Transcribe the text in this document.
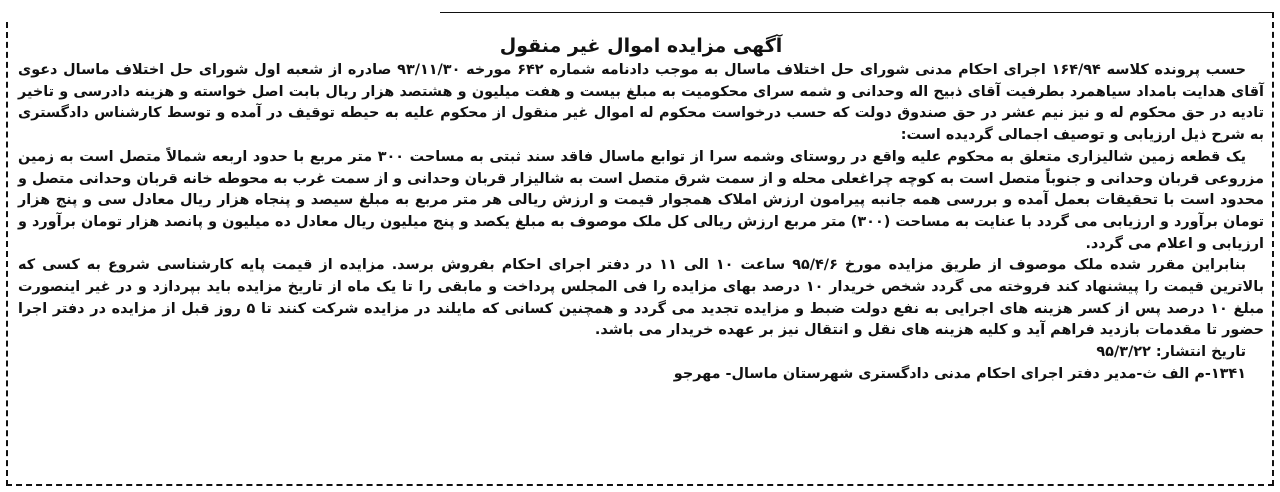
آگهی مزایده اموال غیر منقول

حسب پرونده کلاسه ۱۶۴/۹۴ اجرای احکام مدنی شورای حل اختلاف ماسال به موجب دادنامه شماره ۶۴۲ مورخه ۹۳/۱۱/۳۰ صادره از شعبه اول شورای حل اختلاف ماسال دعوی آقای هدایت بامداد سیاهمرد بطرفیت آقای ذبیح اله وحدانی و شمه سرای محکومیت به مبلغ بیست و هفت میلیون و هشتصد هزار ریال بابت اصل خواسته و هزینه دادرسی و تاخیر تادیه در حق محکوم له و نیز نیم عشر در حق صندوق دولت که حسب درخواست محکوم له اموال غیر منقول از محکوم علیه به حیطه توقیف در آمده و توسط کارشناس دادگستری به شرح ذیل ارزیابی و توصیف اجمالی گردیده است:

یک قطعه زمین شالیزاری متعلق به محکوم علیه واقع در روستای وشمه سرا از توابع ماسال فاقد سند ثبتی به مساحت ۳۰۰ متر مربع با حدود اربعه شمالاً متصل است به زمین مزروعی قربان وحدانی و جنوباً متصل است به کوچه چراغعلی محله و از سمت شرق متصل است به شالیزار قربان وحدانی و از سمت غرب به محوطه خانه قربان وحدانی متصل و محدود است با تحقیقات بعمل آمده و بررسی همه جانبه پیرامون ارزش املاک همجوار قیمت و ارزش ریالی هر متر مربع به مبلغ سیصد و پنجاه هزار ریال معادل سی و پنج هزار تومان برآورد و ارزیابی می گردد با عنایت به مساحت (۳۰۰) متر مربع ارزش ریالی کل ملک موصوف به مبلغ یکصد و پنج میلیون ریال معادل ده میلیون و پانصد هزار تومان برآورد و ارزیابی و اعلام می گردد.

بنابراین مقرر شده ملک موصوف از طریق مزایده مورخ ۹۵/۴/۶ ساعت ۱۰ الی ۱۱ در دفتر اجرای احکام بفروش برسد. مزایده از قیمت پایه کارشناسی شروع به کسی که بالاترین قیمت را پیشنهاد کند فروخته می گردد شخص خریدار ۱۰ درصد بهای مزایده را فی المجلس پرداخت و مابقی را تا یک ماه از تاریخ مزایده باید بپردازد و در غیر اینصورت مبلغ ۱۰ درصد پس از کسر هزینه های اجرایی به نفع دولت ضبط و مزایده تجدید می گردد و همچنین کسانی که مایلند در مزایده شرکت کنند تا ۵ روز قبل از مزایده در دفتر اجرا حضور تا مقدمات بازدید فراهم آید و کلیه هزینه های نقل و انتقال نیز بر عهده خریدار می باشد.

تاریخ انتشار: ۹۵/۳/۲۲

۱۳۴۱-م الف ث-مدیر دفتر اجرای احکام مدنی دادگستری شهرستان ماسال- مهرجو
